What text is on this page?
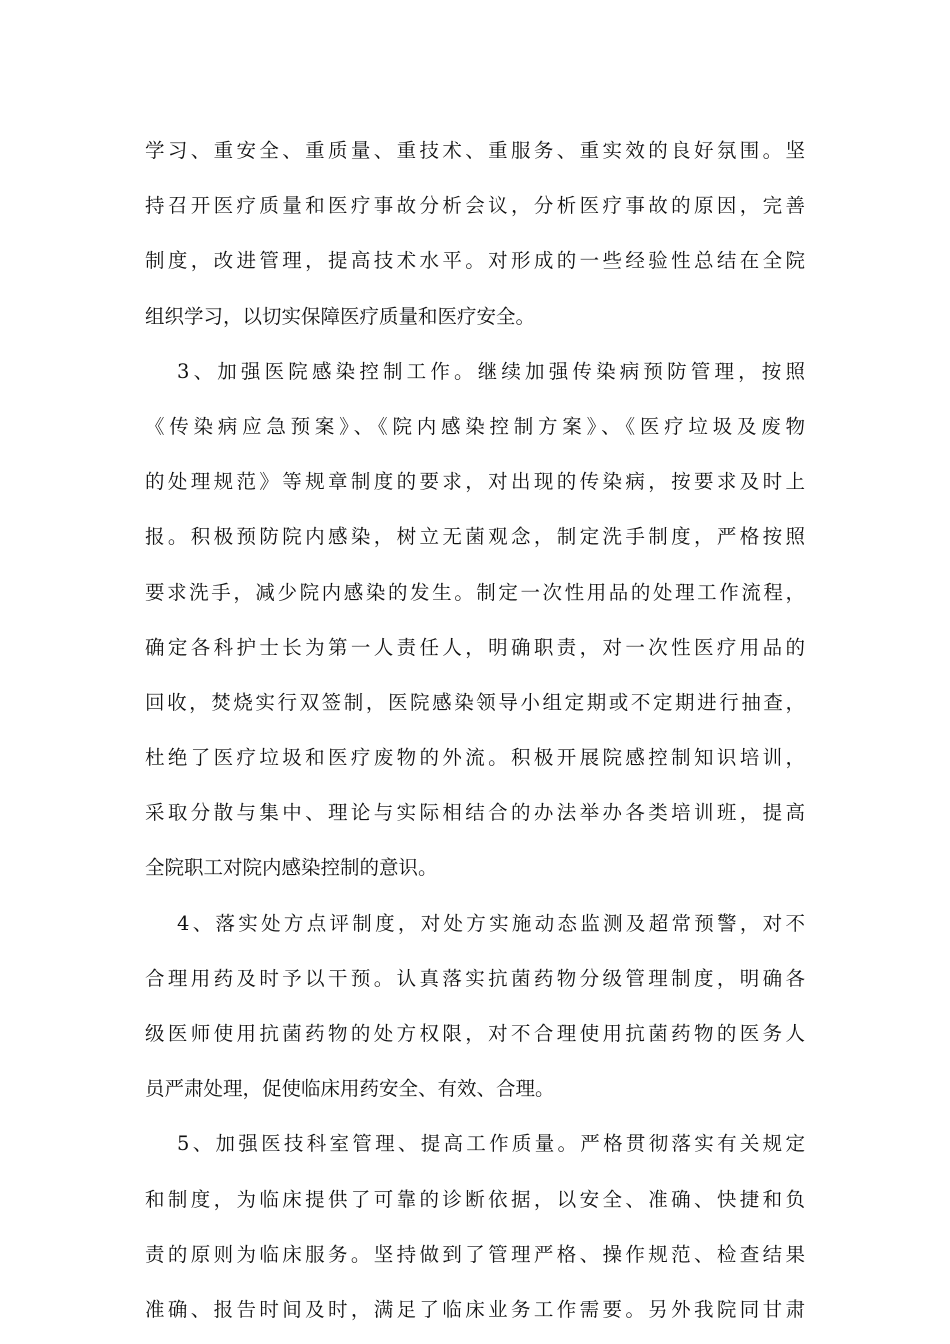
学习、重安全、重质量、重技术、重服务、重实效的良好氛围。坚
持召开医疗质量和医疗事故分析会议，分析医疗事故的原因，完善
制度，改进管理，提高技术水平。对形成的一些经验性总结在全院
组织学习，以切实保障医疗质量和医疗安全。
3、加强医院感染控制工作。继续加强传染病预防管理，按照
《传染病应急预案》、《院内感染控制方案》、《医疗垃圾及废物
的处理规范》等规章制度的要求，对出现的传染病，按要求及时上
报。积极预防院内感染，树立无菌观念，制定洗手制度，严格按照
要求洗手，减少院内感染的发生。制定一次性用品的处理工作流程，
确定各科护士长为第一人责任人，明确职责，对一次性医疗用品的
回收，焚烧实行双签制，医院感染领导小组定期或不定期进行抽查，
杜绝了医疗垃圾和医疗废物的外流。积极开展院感控制知识培训，
采取分散与集中、理论与实际相结合的办法举办各类培训班，提高
全院职工对院内感染控制的意识。
4、落实处方点评制度，对处方实施动态监测及超常预警，对不
合理用药及时予以干预。认真落实抗菌药物分级管理制度，明确各
级医师使用抗菌药物的处方权限，对不合理使用抗菌药物的医务人
员严肃处理，促使临床用药安全、有效、合理。
5、加强医技科室管理、提高工作质量。严格贯彻落实有关规定
和制度，为临床提供了可靠的诊断依据，以安全、准确、快捷和负
责的原则为临床服务。坚持做到了管理严格、操作规范、检查结果
准确、报告时间及时，满足了临床业务工作需要。另外我院同甘肃
